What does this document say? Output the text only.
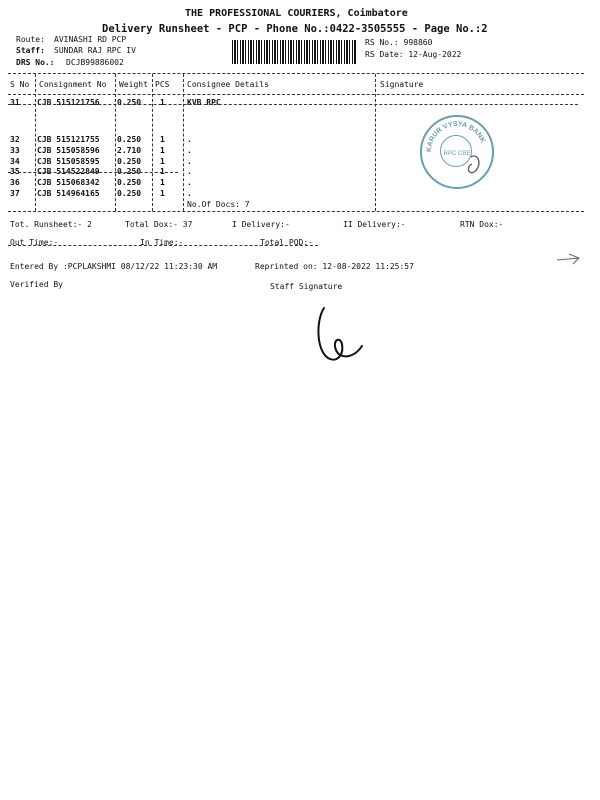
THE PROFESSIONAL COURIERS, Coimbatore
Delivery Runsheet - PCP - Phone No.:0422-3505555 - Page No.:2
Route: AVINASHI RD PCP
Staff: SUNDAR RAJ RPC IV
DRS No.: DCJB99886002
RS No.: 998860
RS Date: 12-Aug-2022
S No Consignment No Weight PCS Consignee Details	Signature
31 CJB 515121756 0.250 1	KVB RPC
32 CJB 515121755 0.250 1	.
33 CJB 515058596 2.710 1	.
34 CJB 515058595 0.250 1	.
35 CJB 514522849 0.250 1	.
36 CJB 515068342 0.250 1	.
37 CJB 514964165 0.250 1	.
No.Of Docs: 7
KARUR VYSYA BANK
RPC CBE
Tot. Runsheet:- 2	Total Dox:- 37	I Delivery:-	II Delivery:-	RTN Dox:-
Out Time:-	In Time:-	Total POD:-
Entered By :PCPLAKSHMI 08/12/22 11:23:30 AM	Reprinted on: 12-08-2022 11:25:57
Verified By	Staff Signature
